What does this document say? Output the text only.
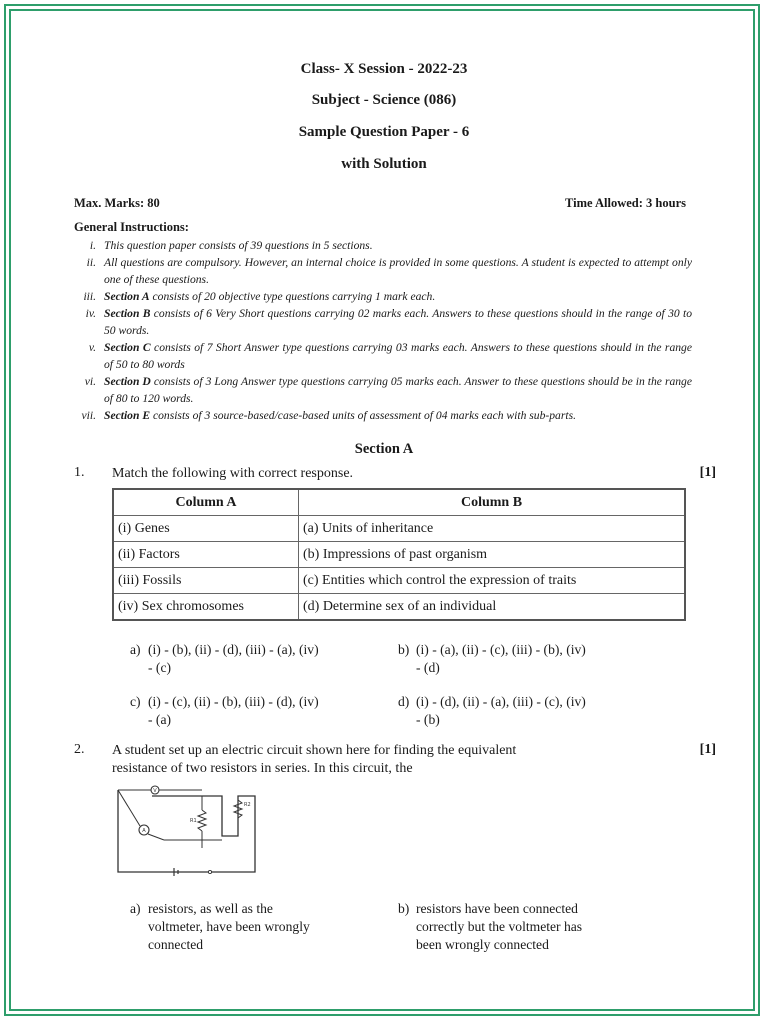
Class- X Session - 2022-23
Subject - Science (086)
Sample Question Paper - 6
with Solution
Max. Marks: 80	Time Allowed: 3 hours
General Instructions:
i. This question paper consists of 39 questions in 5 sections.
ii. All questions are compulsory. However, an internal choice is provided in some questions. A student is expected to attempt only one of these questions.
iii. Section A consists of 20 objective type questions carrying 1 mark each.
iv. Section B consists of 6 Very Short questions carrying 02 marks each. Answers to these questions should in the range of 30 to 50 words.
v. Section C consists of 7 Short Answer type questions carrying 03 marks each. Answers to these questions should in the range of 50 to 80 words
vi. Section D consists of 3 Long Answer type questions carrying 05 marks each. Answer to these questions should be in the range of 80 to 120 words.
vii. Section E consists of 3 source-based/case-based units of assessment of 04 marks each with sub-parts.
Section A
1. Match the following with correct response.	[1]
Column A	Column B
(i) Genes	(a) Units of inheritance
(ii) Factors	(b) Impressions of past organism
(iii) Fossils	(c) Entities which control the expression of traits
(iv) Sex chromosomes	(d) Determine sex of an individual
a) (i) - (b), (ii) - (d), (iii) - (a), (iv)
- (c)
b) (i) - (a), (ii) - (c), (iii) - (b), (iv)
- (d)
c) (i) - (c), (ii) - (b), (iii) - (d), (iv)
- (a)
d) (i) - (d), (ii) - (a), (iii) - (c), (iv)
- (b)
2. A student set up an electric circuit shown here for finding the equivalent
resistance of two resistors in series. In this circuit, the
[1]
V
A
R1
R2
a) resistors, as well as the
voltmeter, have been wrongly
connected
b) resistors have been connected
correctly but the voltmeter has
been wrongly connected
